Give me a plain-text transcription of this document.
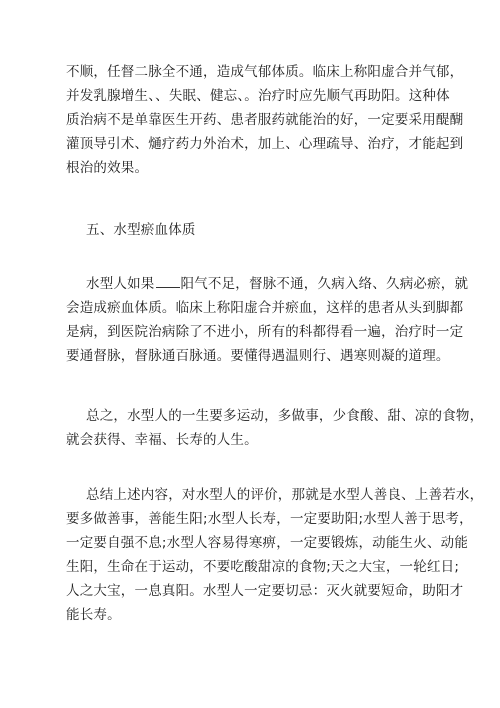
不顺，任督二脉全不通，造成气郁体质。临床上称阳虚合并气郁，
并发乳腺增生、、失眠、健忘、。治疗时应先顺气再助阳。这种体
质治病不是单靠医生开药、患者服药就能治的好，一定要采用醍醐
灌顶导引术、熥疗药力外治术，加上、心理疏导、治疗，才能起到
根治的效果。
五、水型瘀血体质
水型人如果 阳气不足，督脉不通，久病入络、久病必瘀，就
会造成瘀血体质。临床上称阳虚合并瘀血，这样的患者从头到脚都
是病，到医院治病除了不进小，所有的科都得看一遍，治疗时一定
要通督脉，督脉通百脉通。要懂得遇温则行、遇寒则凝的道理。
总之，水型人的一生要多运动，多做事，少食酸、甜、凉的食物，
就会获得、幸福、长寿的人生。
总结上述内容，对水型人的评价，那就是水型人善良、上善若水，
要多做善事，善能生阳;水型人长寿，一定要助阳;水型人善于思考，
一定要自强不息;水型人容易得寒痹，一定要锻炼，动能生火、动能
生阳，生命在于运动，不要吃酸甜凉的食物;天之大宝，一轮红日;
人之大宝，一息真阳。水型人一定要切忌：灭火就要短命，助阳才
能长寿。
